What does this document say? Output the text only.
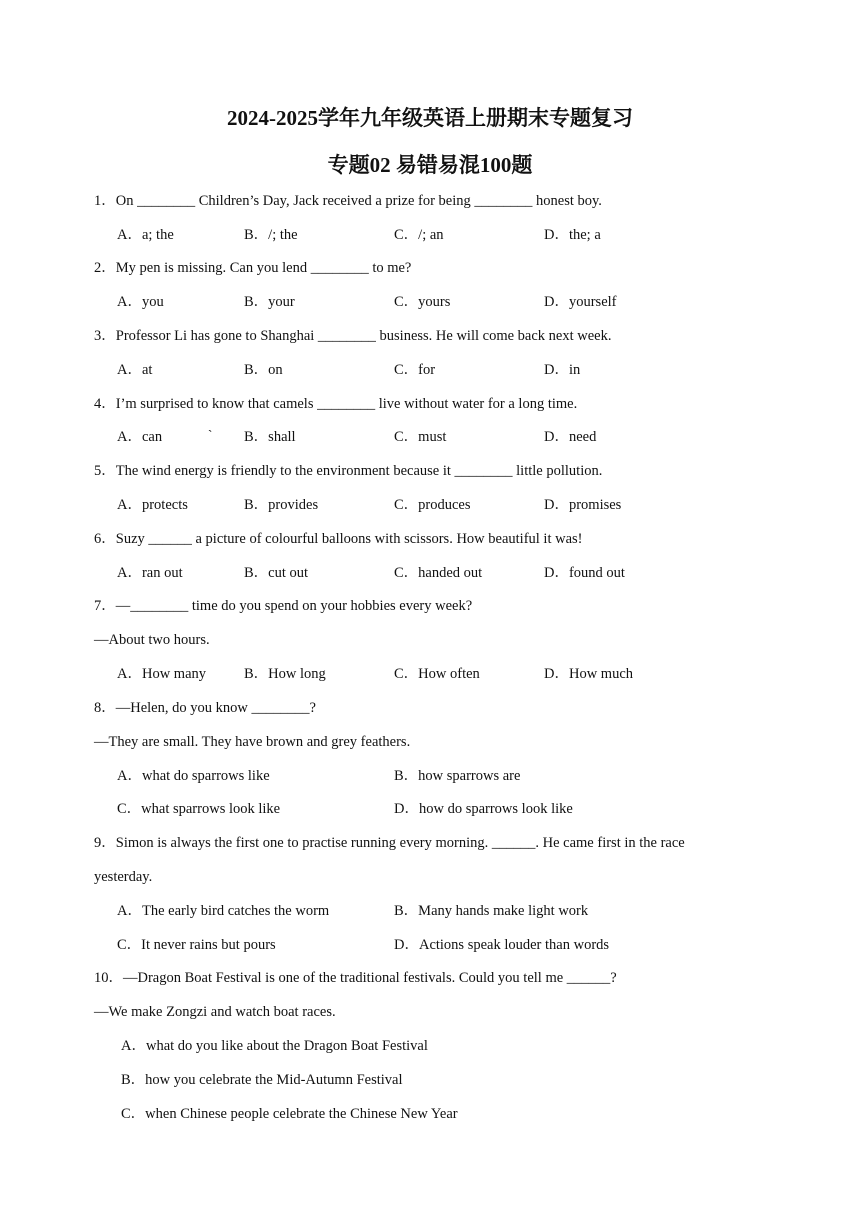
2024-2025学年九年级英语上册期末专题复习
专题02 易错易混100题
1．On ________ Children’s Day, Jack received a prize for being ________ honest boy.
A．a; the	B．/; the	C．/; an	D．the; a
2．My pen is missing. Can you lend ________ to me?
A．you	B．your	C．yours	D．yourself
3．Professor Li has gone to Shanghai ________ business. He will come back next week.
A．at	B．on	C．for	D．in
4．I’m surprised to know that camels ________ live without water for a long time.
A．can	` B．shall	C．must	D．need
5．The wind energy is friendly to the environment because it ________ little pollution.
A．protects	B．provides	C．produces	D．promises
6．Suzy ______ a picture of colourful balloons with scissors. How beautiful it was!
A．ran out	B．cut out	C．handed out	D．found out
7．—________ time do you spend on your hobbies every week?
—About two hours.
A．How many	B．How long	C．How often	D．How much
8．—Helen, do you know ________?
—They are small. They have brown and grey feathers.
A．what do sparrows like	B．how sparrows are
C．what sparrows look like	D．how do sparrows look like
9．Simon is always the first one to practise running every morning. ______. He came first in the race
yesterday.
A．The early bird catches the worm	B．Many hands make light work
C．It never rains but pours	D．Actions speak louder than words
10．—Dragon Boat Festival is one of the traditional festivals. Could you tell me ______?
—We make Zongzi and watch boat races.
A．what do you like about the Dragon Boat Festival
B．how you celebrate the Mid-Autumn Festival
C．when Chinese people celebrate the Chinese New Year
